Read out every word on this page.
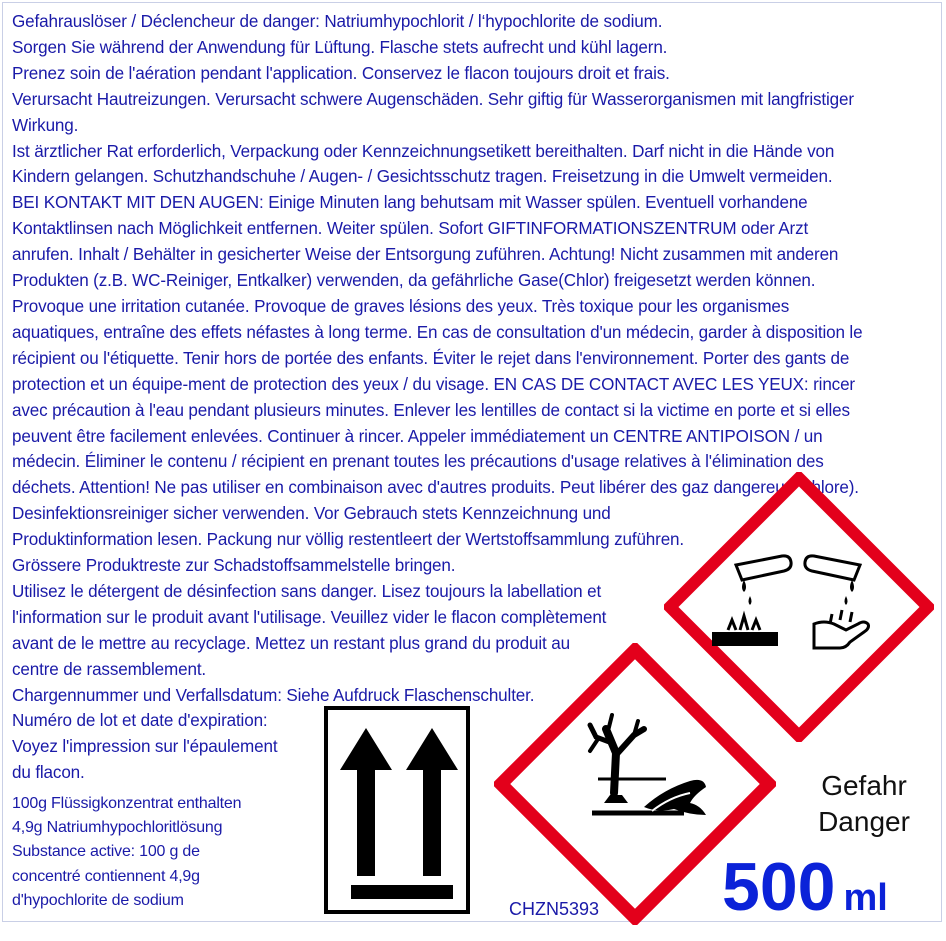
Gefahrauslöser / Déclencheur de danger: Natriumhypochlorit / l‘hypochlorite de sodium.
Sorgen Sie während der Anwendung für Lüftung. Flasche stets aufrecht und kühl lagern.
Prenez soin de l'aération pendant l'application. Conservez le flacon toujours droit et frais.
Verursacht Hautreizungen. Verursacht schwere Augenschäden. Sehr giftig für Wasserorganismen mit langfristiger
Wirkung.
Ist ärztlicher Rat erforderlich, Verpackung oder Kennzeichnungsetikett bereithalten. Darf nicht in die Hände von
Kindern gelangen. Schutzhandschuhe / Augen- / Gesichtsschutz tragen. Freisetzung in die Umwelt vermeiden.
BEI KONTAKT MIT DEN AUGEN: Einige Minuten lang behutsam mit Wasser spülen. Eventuell vorhandene
Kontaktlinsen nach Möglichkeit entfernen. Weiter spülen. Sofort GIFTINFORMATIONSZENTRUM oder Arzt
anrufen. Inhalt / Behälter in gesicherter Weise der Entsorgung zuführen. Achtung! Nicht zusammen mit anderen
Produkten (z.B. WC-Reiniger, Entkalker) verwenden, da gefährliche Gase(Chlor) freigesetzt werden können.
Provoque une irritation cutanée. Provoque de graves lésions des yeux. Très toxique pour les organismes
aquatiques, entraîne des effets néfastes à long terme. En cas de consultation d'un médecin, garder à disposition le
récipient ou l'étiquette. Tenir hors de portée des enfants. Éviter le rejet dans l'environnement. Porter des gants de
protection et un équipe-ment de protection des yeux / du visage. EN CAS DE CONTACT AVEC LES YEUX: rincer
avec précaution à l'eau pendant plusieurs minutes. Enlever les lentilles de contact si la victime en porte et si elles
peuvent être facilement enlevées. Continuer à rincer. Appeler immédiatement un CENTRE ANTIPOISON / un
médecin. Éliminer le contenu / récipient en prenant toutes les précautions d'usage relatives à l'élimination des
déchets. Attention! Ne pas utiliser en combinaison avec d'autres produits. Peut libérer des gaz dangereux (chlore).
Desinfektionsreiniger sicher verwenden. Vor Gebrauch stets Kennzeichnung und
Produktinformation lesen. Packung nur völlig restentleert der Wertstoffsammlung zuführen.
Grössere Produktreste zur Schadstoffsammelstelle bringen.
Utilisez le détergent de désinfection sans danger. Lisez toujours la labellation et
l'information sur le produit avant l'utilisage. Veuillez vider le flacon complètement
avant de le mettre au recyclage. Mettez un restant plus grand du produit au
centre de rassemblement.
Chargennummer und Verfallsdatum: Siehe Aufdruck Flaschenschulter.
Numéro de lot et date d'expiration:
Voyez l'impression sur l'épaulement
du flacon.
100g Flüssigkonzentrat enthalten
4,9g Natriumhypochloritlösung
Substance active: 100 g de
concentré contiennent 4,9g
d'hypochlorite de sodium
Gefahr
Danger
CHZN5393 500 ml
